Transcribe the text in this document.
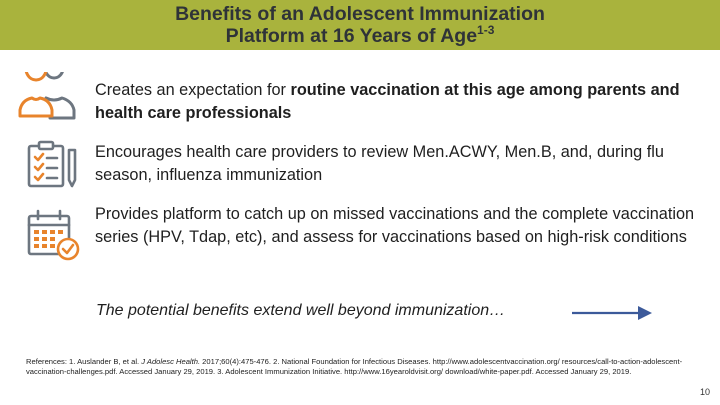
Benefits of an Adolescent Immunization
Platform at 16 Years of Age$^{1-3}$
Creates an expectation for routine vaccination at this age among parents and health care professionals
Encourages health care providers to review Men.ACWY, Men.B, and, during flu season, influenza immunization
Provides platform to catch up on missed vaccinations and the complete vaccination series (HPV, Tdap, etc), and assess for vaccinations based on high-risk conditions
The potential benefits extend well beyond immunization…
References: 1. Auslander B, et al. J Adolesc Health. 2017;60(4):475-476. 2. National Foundation for Infectious Diseases. http://www.adolescentvaccination.org/ resources/call-to-action-adolescent-vaccination-challenges.pdf. Accessed January 29, 2019. 3. Adolescent Immunization Initiative. http://www.16yearoldvisit.org/ download/white-paper.pdf. Accessed January 29, 2019.
10
